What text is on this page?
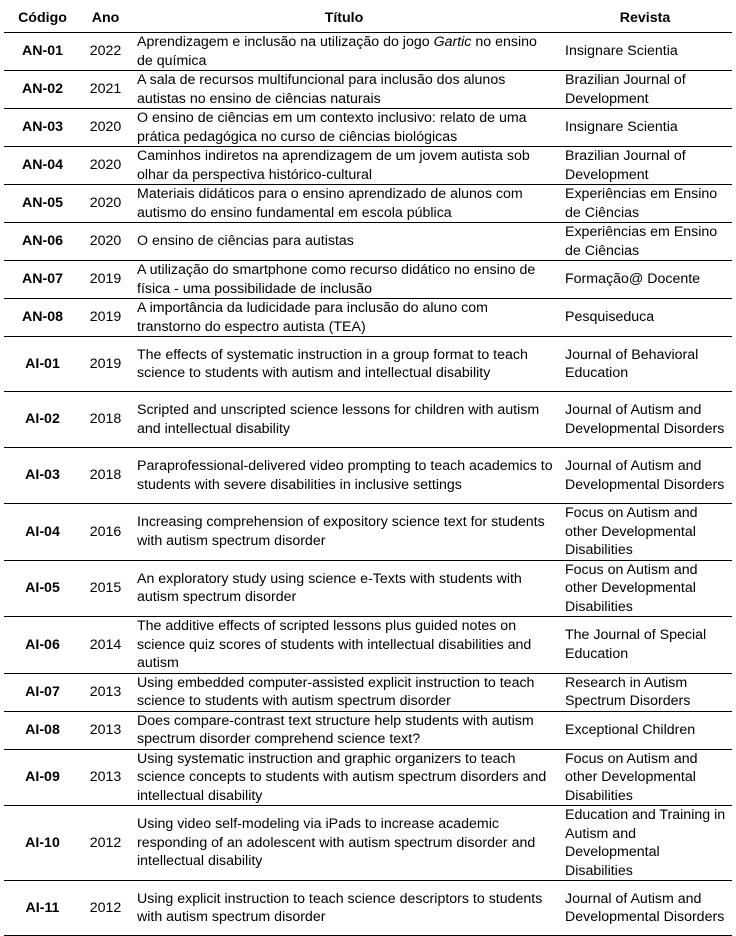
Código	Ano	Título	Revista
AN-01	2022	Aprendizagem e inclusão na utilização do jogo Gartic no ensino de química	Insignare Scientia
AN-02	2021	A sala de recursos multifuncional para inclusão dos alunos autistas no ensino de ciências naturais	Brazilian Journal of Development
AN-03	2020	O ensino de ciências em um contexto inclusivo: relato de uma prática pedagógica no curso de ciências biológicas	Insignare Scientia
AN-04	2020	Caminhos indiretos na aprendizagem de um jovem autista sob olhar da perspectiva histórico-cultural	Brazilian Journal of Development
AN-05	2020	Materiais didáticos para o ensino aprendizado de alunos com autismo do ensino fundamental em escola pública	Experiências em Ensino de Ciências
AN-06	2020	O ensino de ciências para autistas	Experiências em Ensino de Ciências
AN-07	2019	A utilização do smartphone como recurso didático no ensino de física - uma possibilidade de inclusão	Formação@ Docente
AN-08	2019	A importância da ludicidade para inclusão do aluno com transtorno do espectro autista (TEA)	Pesquiseduca
AI-01	2019	The effects of systematic instruction in a group format to teach science to students with autism and intellectual disability	Journal of Behavioral Education
AI-02	2018	Scripted and unscripted science lessons for children with autism and intellectual disability	Journal of Autism and Developmental Disorders
AI-03	2018	Paraprofessional-delivered video prompting to teach academics to students with severe disabilities in inclusive settings	Journal of Autism and Developmental Disorders
AI-04	2016	Increasing comprehension of expository science text for students with autism spectrum disorder	Focus on Autism and other Developmental Disabilities
AI-05	2015	An exploratory study using science e-Texts with students with autism spectrum disorder	Focus on Autism and other Developmental Disabilities
AI-06	2014	The additive effects of scripted lessons plus guided notes on science quiz scores of students with intellectual disabilities and autism	The Journal of Special Education
AI-07	2013	Using embedded computer-assisted explicit instruction to teach science to students with autism spectrum disorder	Research in Autism Spectrum Disorders
AI-08	2013	Does compare-contrast text structure help students with autism spectrum disorder comprehend science text?	Exceptional Children
AI-09	2013	Using systematic instruction and graphic organizers to teach science concepts to students with autism spectrum disorders and intellectual disability	Focus on Autism and other Developmental Disabilities
AI-10	2012	Using video self-modeling via iPads to increase academic responding of an adolescent with autism spectrum disorder and intellectual disability	Education and Training in Autism and Developmental Disabilities
AI-11	2012	Using explicit instruction to teach science descriptors to students with autism spectrum disorder	Journal of Autism and Developmental Disorders
